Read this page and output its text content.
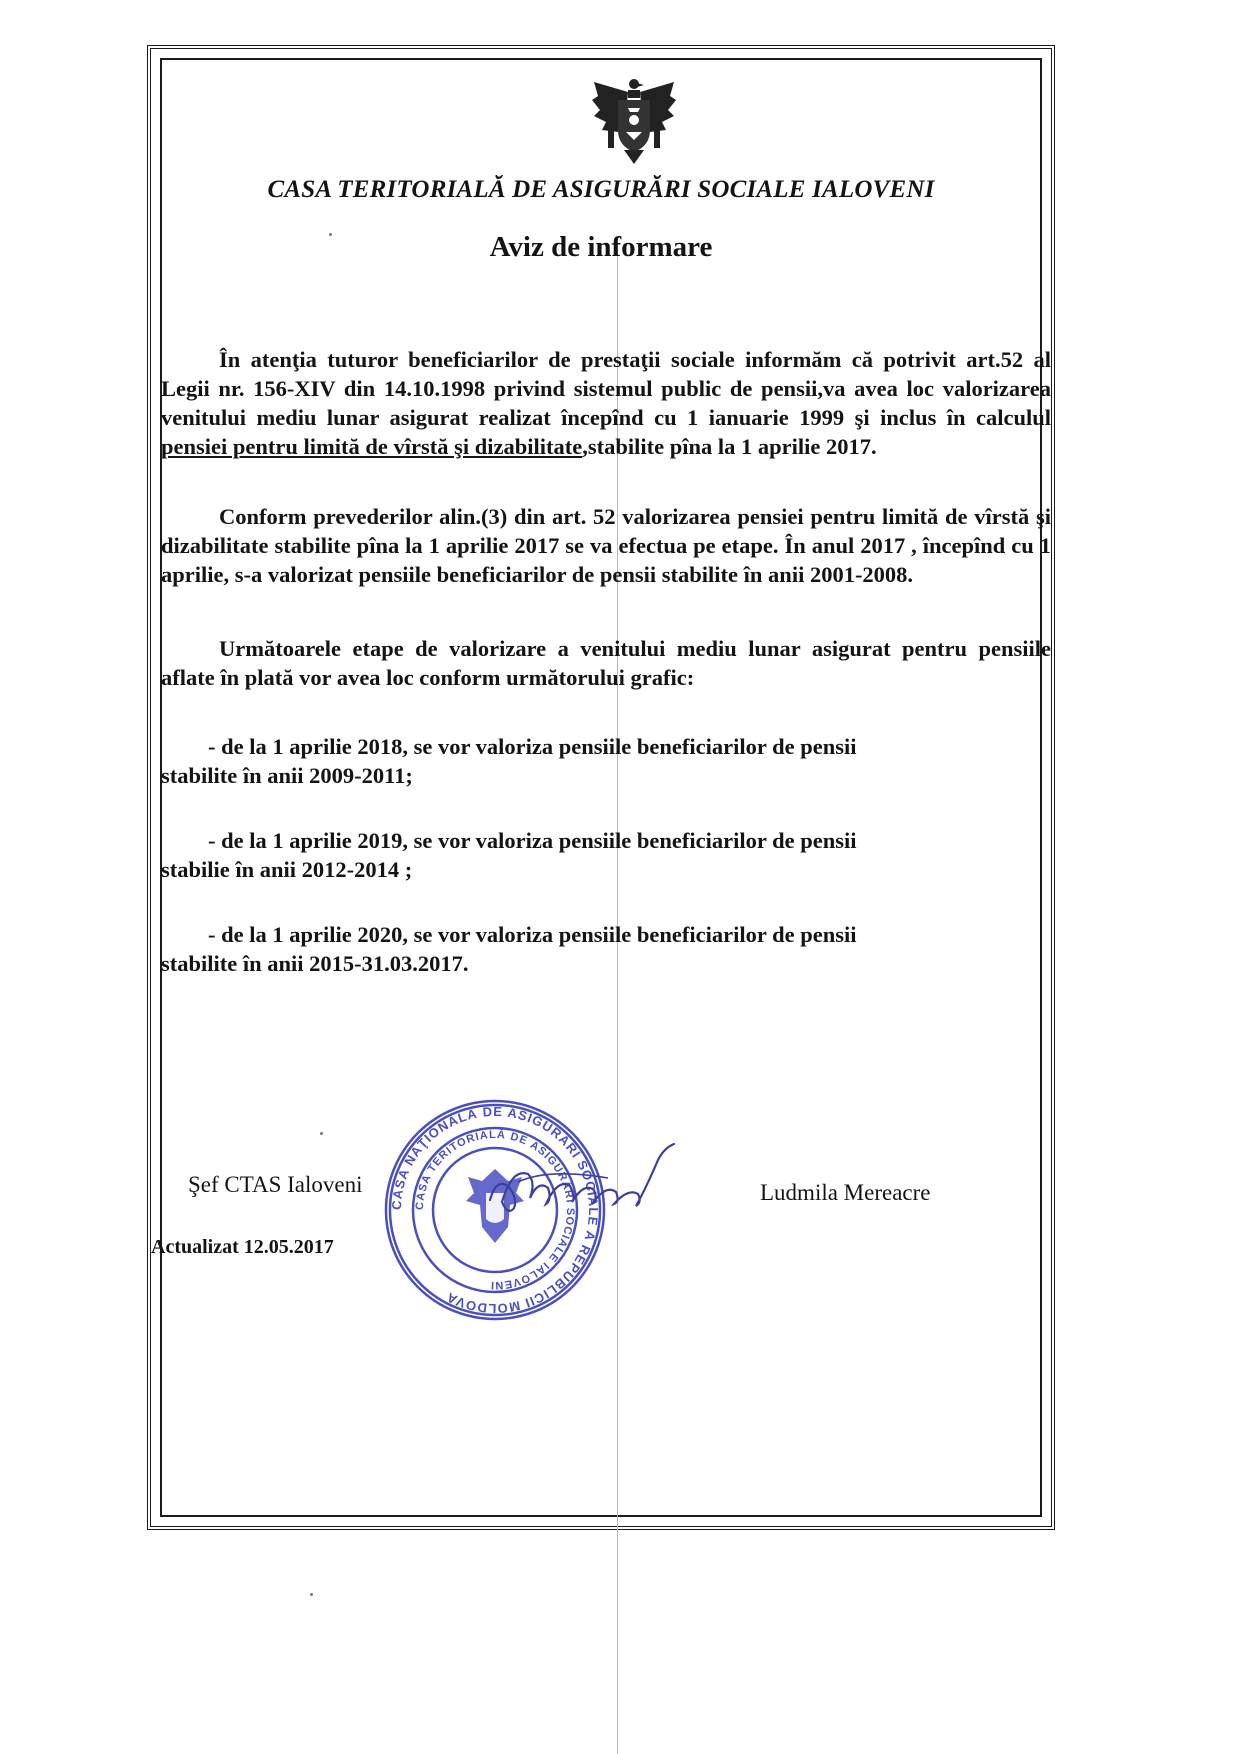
CASA TERITORIALĂ DE ASIGURĂRI SOCIALE IALOVENI
Aviz de informare

În atenţia tuturor beneficiarilor de prestaţii sociale informăm că potrivit art.52 al Legii nr. 156-XIV din 14.10.1998 privind sistemul public de pensii,va avea loc valorizarea venitului mediu lunar asigurat realizat începînd cu 1 ianuarie 1999 şi inclus în calculul pensiei pentru limită de vîrstă şi dizabilitate,stabilite pîna la 1 aprilie 2017.

Conform prevederilor alin.(3) din art. 52 valorizarea pensiei pentru limită de vîrstă şi dizabilitate stabilite pîna la 1 aprilie 2017 se va efectua pe etape. În anul 2017 , începînd cu 1 aprilie, s-a valorizat pensiile beneficiarilor de pensii stabilite în anii 2001-2008.

Următoarele etape de valorizare a venitului mediu lunar asigurat pentru pensiile aflate în plată vor avea loc conform următorului grafic:

- de la 1 aprilie 2018, se vor valoriza pensiile beneficiarilor de pensii
stabilite în anii 2009-2011;

- de la 1 aprilie 2019, se vor valoriza pensiile beneficiarilor de pensii
stabilie în anii 2012-2014 ;

- de la 1 aprilie 2020, se vor valoriza pensiile beneficiarilor de pensii
stabilite în anii 2015-31.03.2017.

Şef CTAS Ialoveni
Actualizat 12.05.2017
Ludmila Mereacre
CASA NAŢIONALĂ DE ASIGURĂRI SOCIALE A REPUBLICII MOLDOVA
CASA TERITORIALĂ DE ASIGURĂRI SOCIALE IALOVENI
